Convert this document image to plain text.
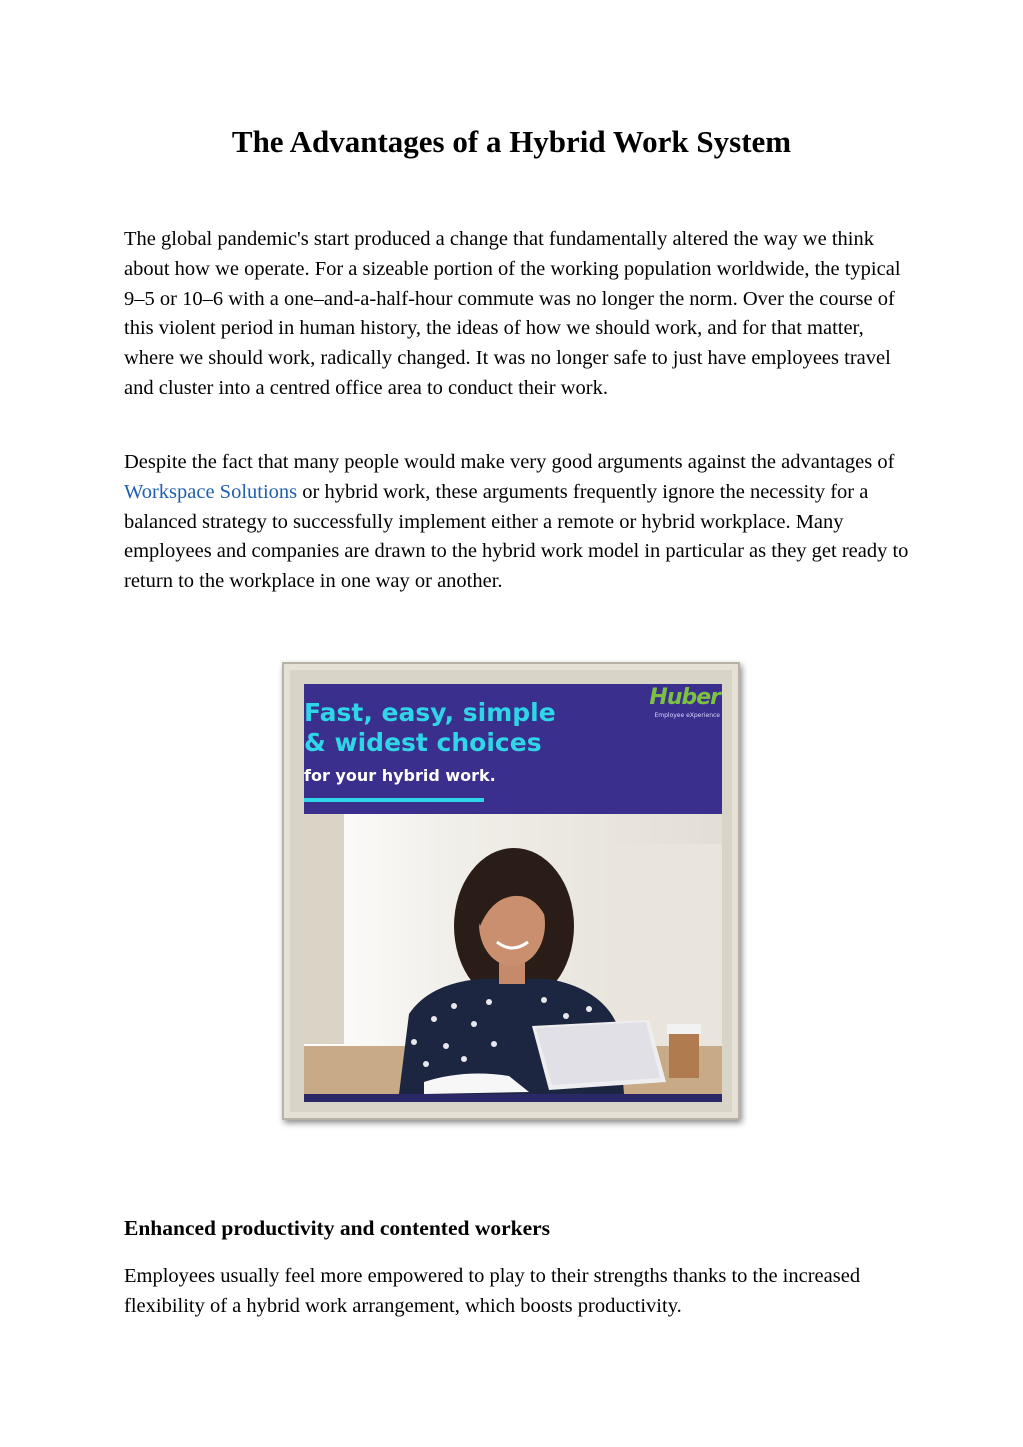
The Advantages of a Hybrid Work System

The global pandemic's start produced a change that fundamentally altered the way we think about how we operate. For a sizeable portion of the working population worldwide, the typical 9–5 or 10–6 with a one–and-a-half-hour commute was no longer the norm. Over the course of this violent period in human history, the ideas of how we should work, and for that matter, where we should work, radically changed. It was no longer safe to just have employees travel and cluster into a centred office area to conduct their work.

Despite the fact that many people would make very good arguments against the advantages of Workspace Solutions or hybrid work, these arguments frequently ignore the necessity for a balanced strategy to successfully implement either a remote or hybrid workplace. Many employees and companies are drawn to the hybrid work model in particular as they get ready to return to the workplace in one way or another.

Fast, easy, simple

& widest choices

for your hybrid work.

Huber
Employee eXperience
Enhanced productivity and contented workers

Employees usually feel more empowered to play to their strengths thanks to the increased flexibility of a hybrid work arrangement, which boosts productivity.
